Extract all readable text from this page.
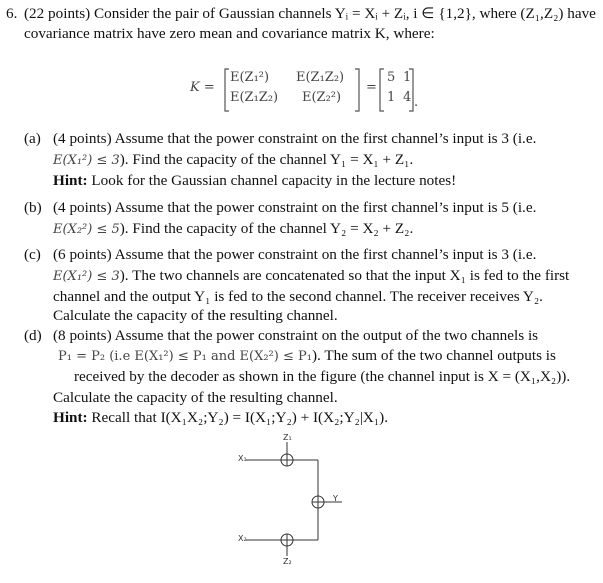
6. (22 points) Consider the pair of Gaussian channels Yᵢ = Xᵢ + Zᵢ, i ∈ {1,2}, where (Z₁,Z₂) have
covariance matrix have zero mean and covariance matrix K, where:
K =
E(Z₁²) E(Z₁Z₂)
E(Z₁Z₂) E(Z₂²)
=
5 1
1 4 .
(a) (4 points) Assume that the power constraint on the first channel’s input is 3 (i.e.
E(X₁²) ≤ 3). Find the capacity of the channel Y₁ = X₁ + Z₁.
Hint: Look for the Gaussian channel capacity in the lecture notes!
(b) (4 points) Assume that the power constraint on the first channel’s input is 5 (i.e.
E(X₂²) ≤ 5). Find the capacity of the channel Y₂ = X₂ + Z₂.
(c) (6 points) Assume that the power constraint on the first channel’s input is 3 (i.e.
E(X₁²) ≤ 3). The two channels are concatenated so that the input X₁ is fed to the first
channel and the output Y₁ is fed to the second channel. The receiver receives Y₂.
Calculate the capacity of the resulting channel.
(d) (8 points) Assume that the power constraint on the output of the two channels is
P₁ = P₂ (i.e E(X₁²) ≤ P₁ and E(X₂²) ≤ P₁). The sum of the two channel outputs is
received by the decoder as shown in the figure (the channel input is X = (X₁,X₂)).
Calculate the capacity of the resulting channel.
Hint: Recall that I(X₁X₂;Y₂) = I(X₁;Y₂) + I(X₂;Y₂|X₁).
Z₁
X₁
Y
X₂
Z₂
